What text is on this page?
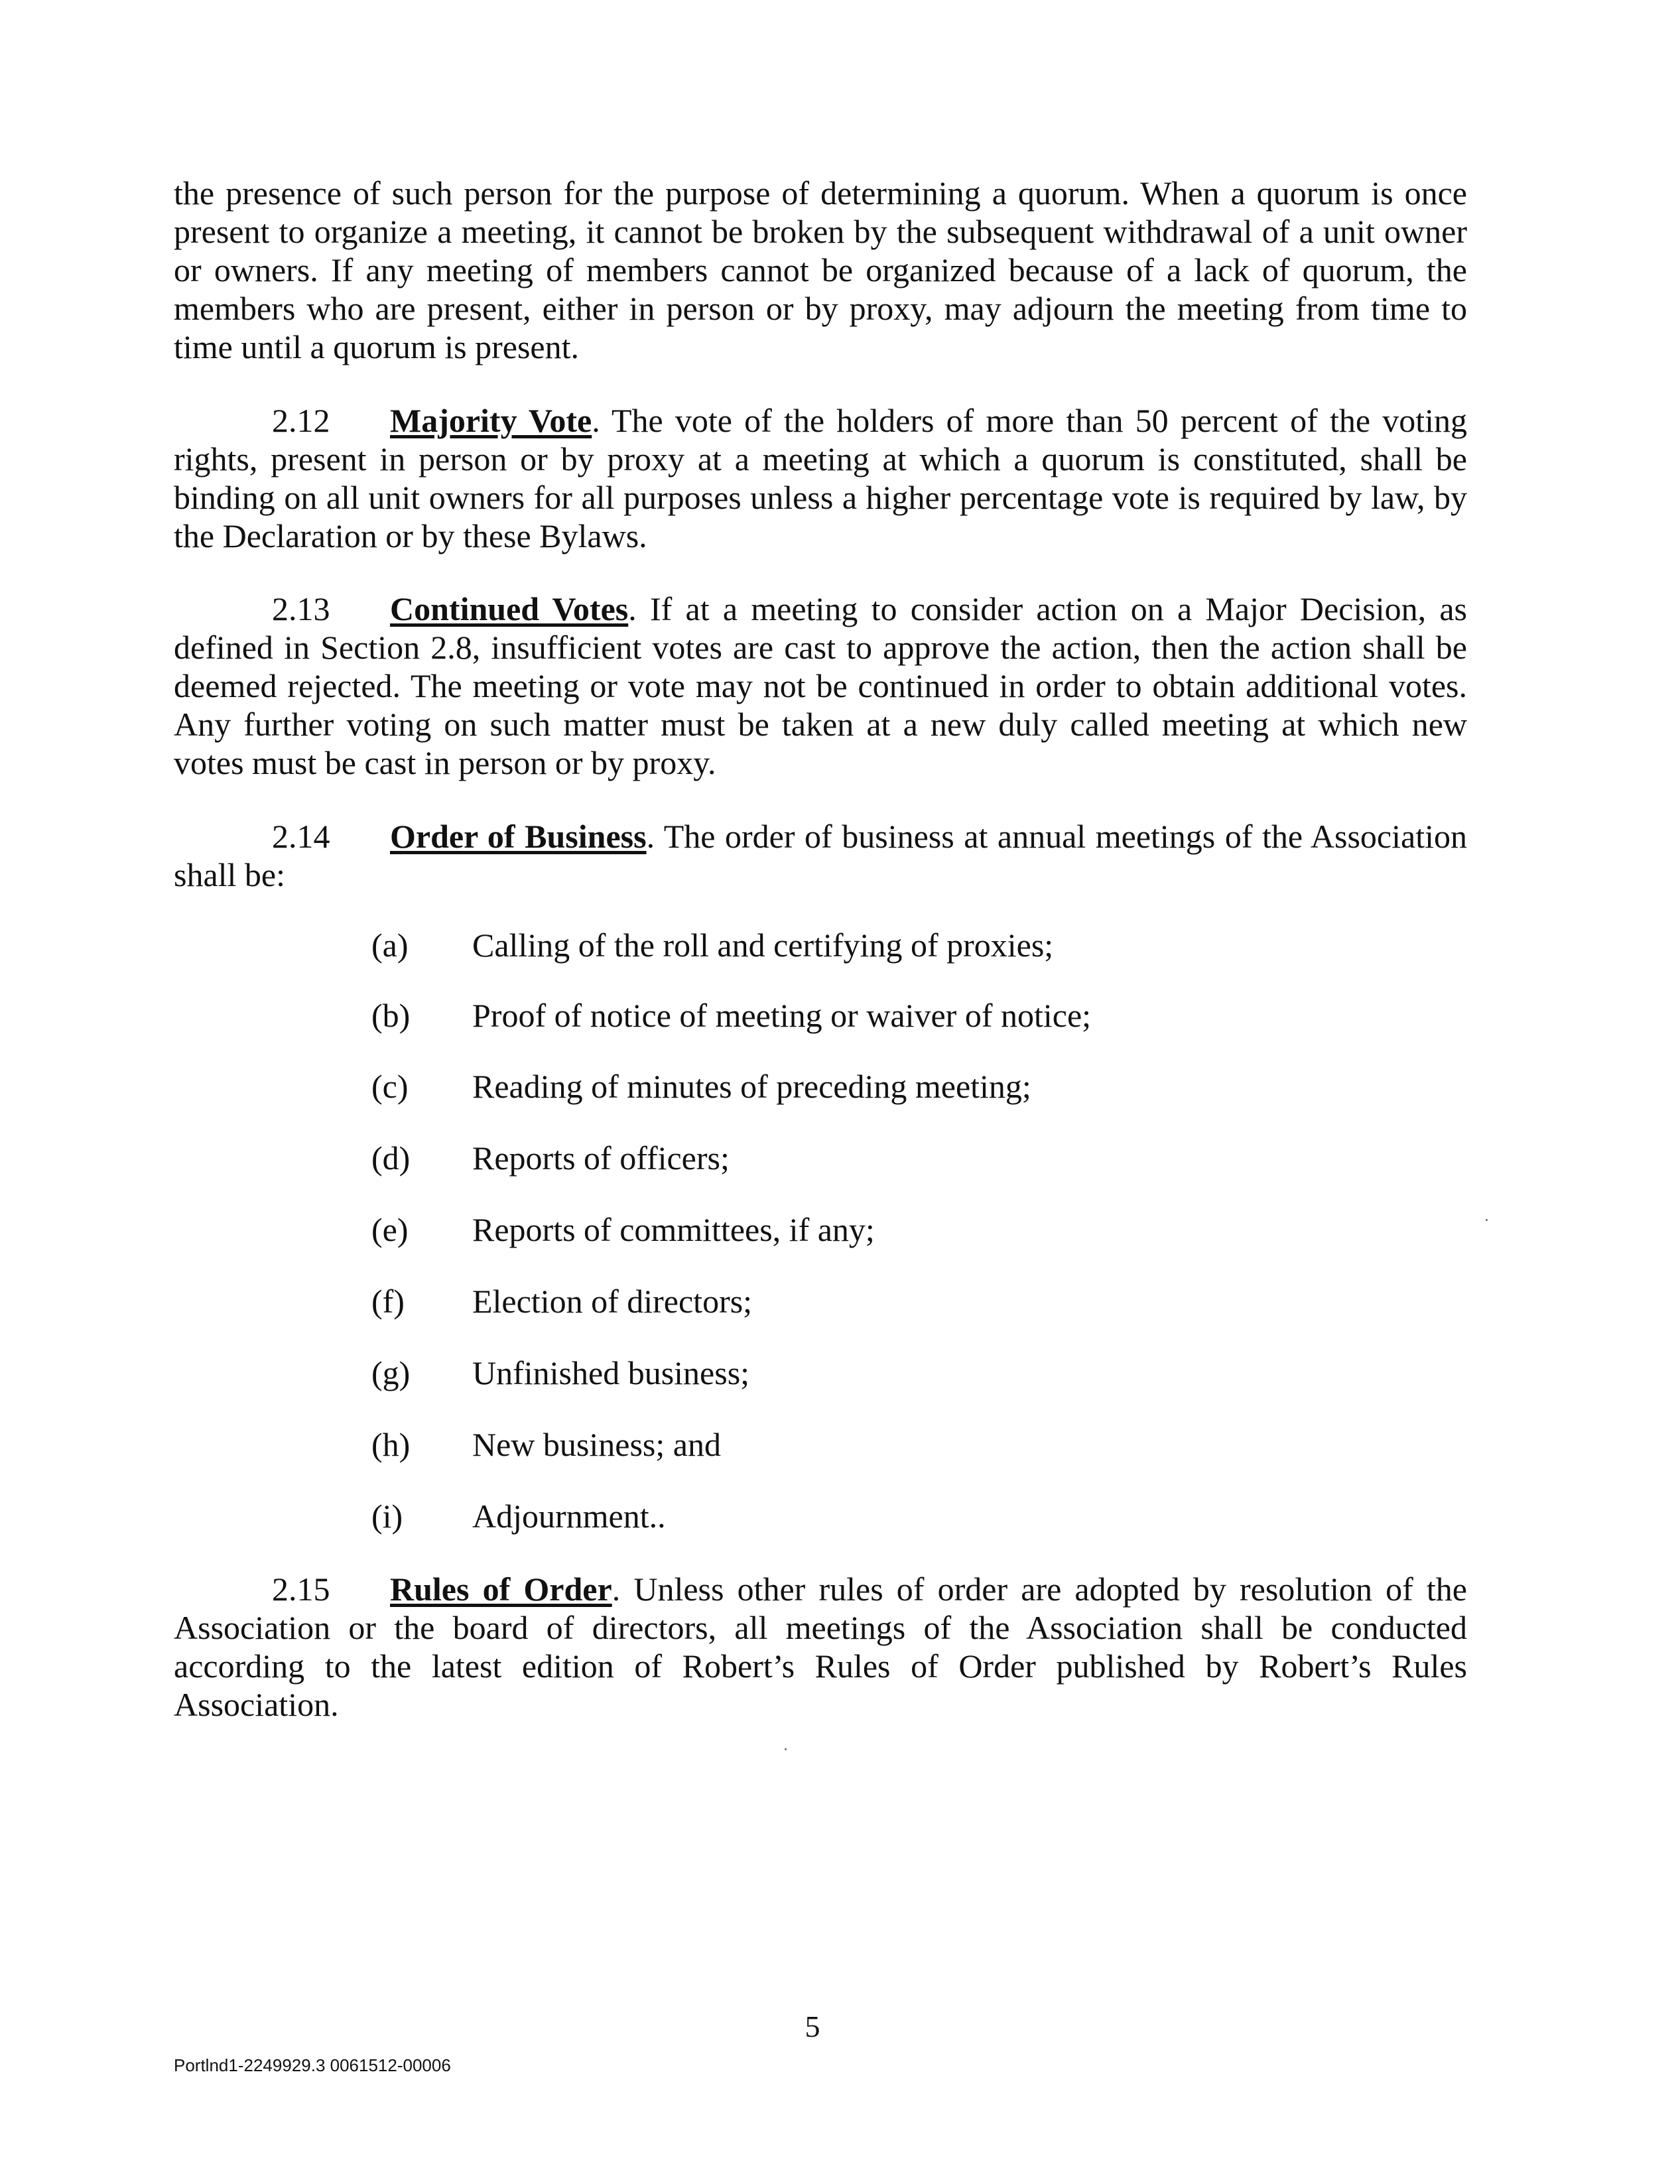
the presence of such person for the purpose of determining a quorum. When a quorum is once present to organize a meeting, it cannot be broken by the subsequent withdrawal of a unit owner or owners. If any meeting of members cannot be organized because of a lack of quorum, the members who are present, either in person or by proxy, may adjourn the meeting from time to time until a quorum is present.

2.12 Majority Vote. The vote of the holders of more than 50 percent of the voting rights, present in person or by proxy at a meeting at which a quorum is constituted, shall be binding on all unit owners for all purposes unless a higher percentage vote is required by law, by the Declaration or by these Bylaws.

2.13 Continued Votes. If at a meeting to consider action on a Major Decision, as defined in Section 2.8, insufficient votes are cast to approve the action, then the action shall be deemed rejected. The meeting or vote may not be continued in order to obtain additional votes. Any further voting on such matter must be taken at a new duly called meeting at which new votes must be cast in person or by proxy.

2.14 Order of Business. The order of business at annual meetings of the Association shall be:

(a) Calling of the roll and certifying of proxies;
(b) Proof of notice of meeting or waiver of notice;
(c) Reading of minutes of preceding meeting;
(d) Reports of officers;
(e) Reports of committees, if any;
(f) Election of directors;
(g) Unfinished business;
(h) New business; and
(i) Adjournment..

2.15 Rules of Order. Unless other rules of order are adopted by resolution of the Association or the board of directors, all meetings of the Association shall be conducted according to the latest edition of Robert’s Rules of Order published by Robert’s Rules Association.

5
Portlnd1-2249929.3 0061512-00006
